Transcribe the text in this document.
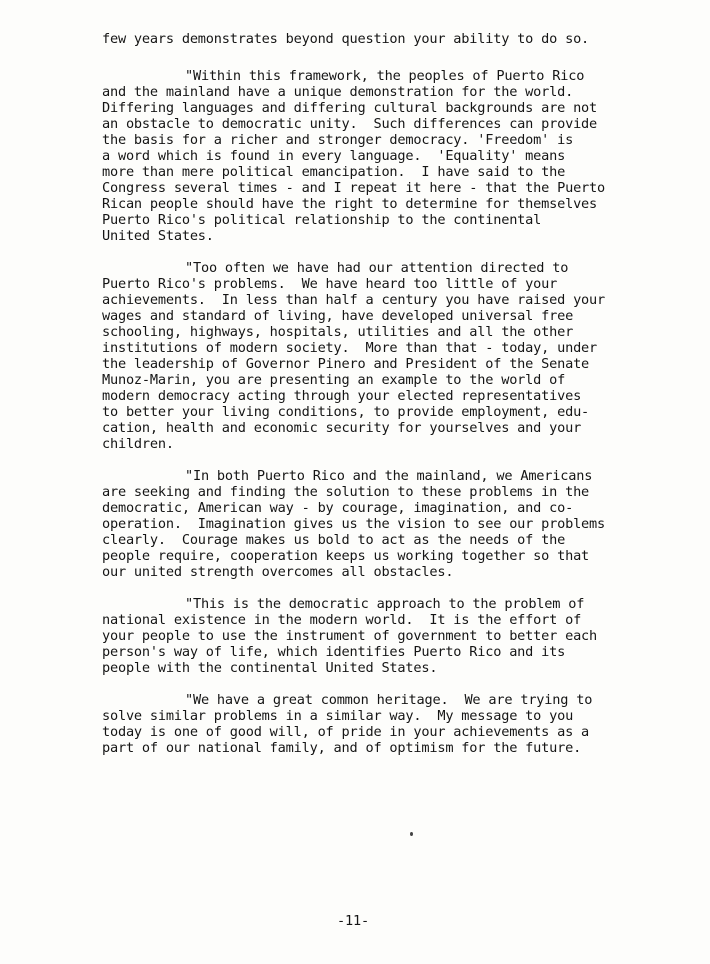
few years demonstrates beyond question your ability to do so.
"Within this framework, the peoples of Puerto Rico
and the mainland have a unique demonstration for the world.
Differing languages and differing cultural backgrounds are not
an obstacle to democratic unity.  Such differences can provide
the basis for a richer and stronger democracy. 'Freedom' is
a word which is found in every language.  'Equality' means
more than mere political emancipation.  I have said to the
Congress several times - and I repeat it here - that the Puerto
Rican people should have the right to determine for themselves
Puerto Rico's political relationship to the continental
United States.
"Too often we have had our attention directed to
Puerto Rico's problems.  We have heard too little of your
achievements.  In less than half a century you have raised your
wages and standard of living, have developed universal free
schooling, highways, hospitals, utilities and all the other
institutions of modern society.  More than that - today, under
the leadership of Governor Pinero and President of the Senate
Munoz-Marin, you are presenting an example to the world of
modern democracy acting through your elected representatives
to better your living conditions, to provide employment, edu-
cation, health and economic security for yourselves and your
children.
"In both Puerto Rico and the mainland, we Americans
are seeking and finding the solution to these problems in the
democratic, American way - by courage, imagination, and co-
operation.  Imagination gives us the vision to see our problems
clearly.  Courage makes us bold to act as the needs of the
people require, cooperation keeps us working together so that
our united strength overcomes all obstacles.
"This is the democratic approach to the problem of
national existence in the modern world.  It is the effort of
your people to use the instrument of government to better each
person's way of life, which identifies Puerto Rico and its
people with the continental United States.
"We have a great common heritage.  We are trying to
solve similar problems in a similar way.  My message to you
today is one of good will, of pride in your achievements as a
part of our national family, and of optimism for the future.
-11-
